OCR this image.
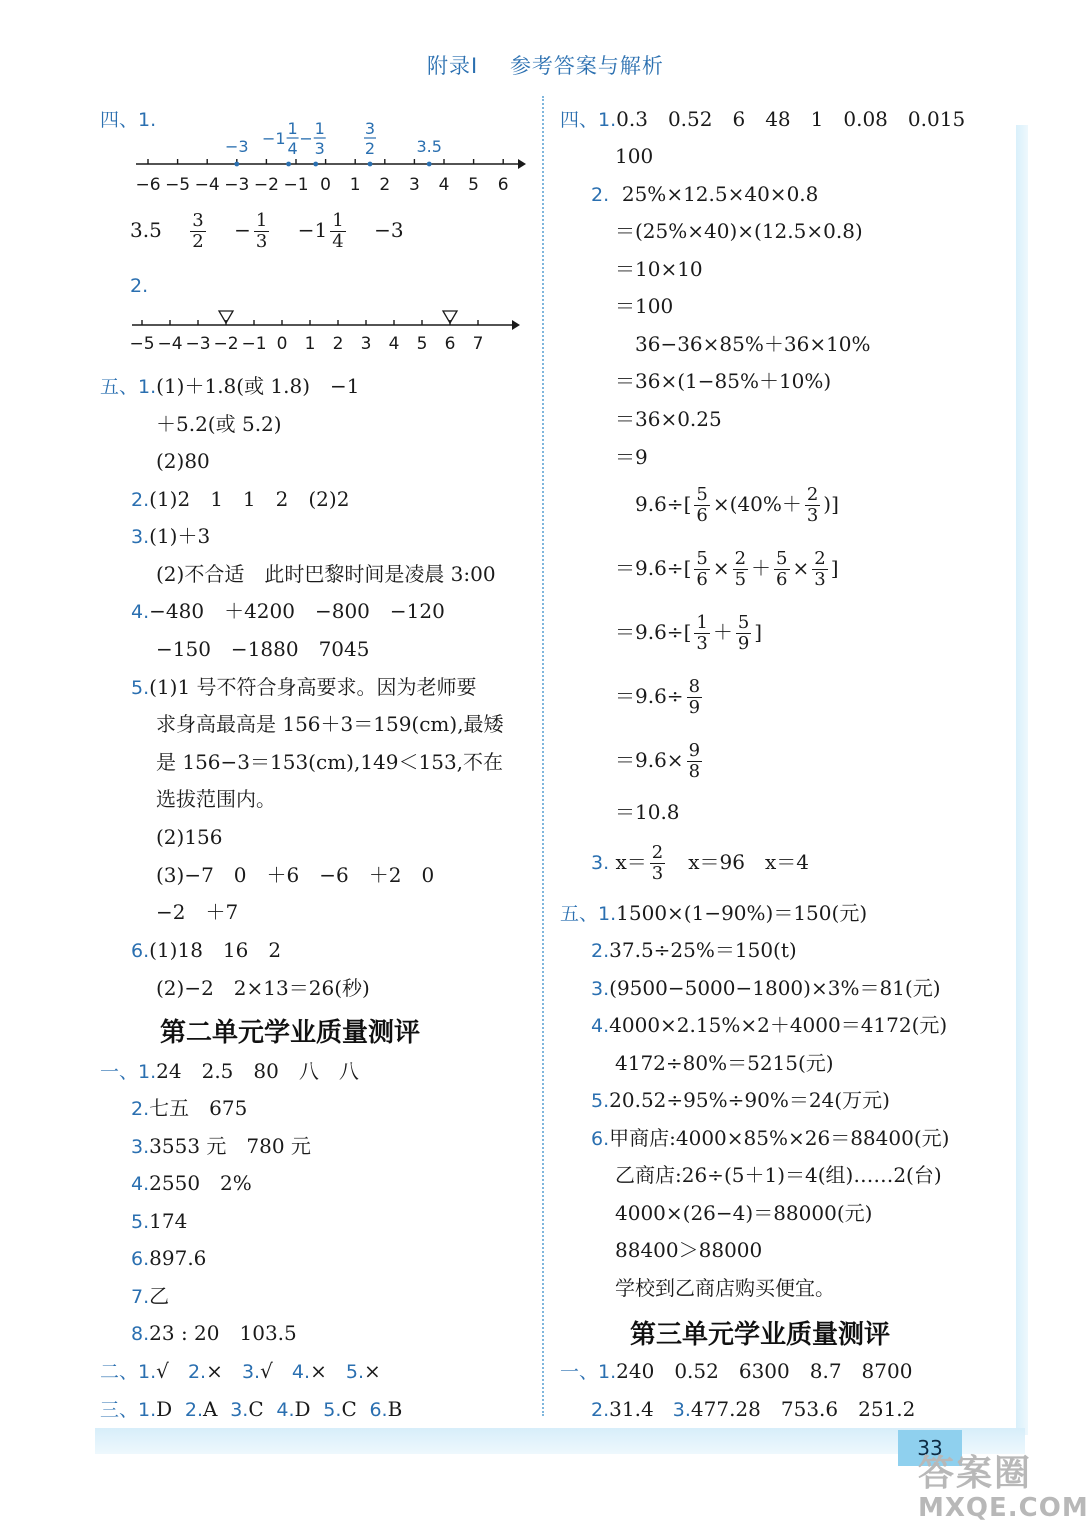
附录Ⅰ 参考答案与解析
四、1.
−6 −5 −4 −3 −2 −1 0 1 2 3 4 5 6
−3 −1
1
4
−
1
3
3
2	3.5
$3.5 \frac{3}{2} - \frac{1}{3} -1 \frac{1}{4} -3$
2.
−5 −4 −3 −2 −1 0 1 2 3 4 5 6 7
五、1.(1)＋1.8(或 1.8)　−1
＋5.2(或 5.2)
(2)80
2.(1)2　1　1　2　(2)2
3.(1)＋3
(2)不合适　此时巴黎时间是凌晨 3:00
4.−480　＋4200　−800　−120
−150　−1880　7045
5.(1)1 号不符合身高要求。因为老师要
求身高最高是 156＋3＝159(cm),最矮
是 156−3＝153(cm),149＜153,不在
选拔范围内。
(2)156
(3)−7　0　＋6　−6　＋2　0
−2　＋7
6.(1)18　16　2
(2)−2　2×13＝26(秒)
第二单元学业质量测评
一、1.24　2.5　80　八　八
2.七五　675
3.3553 元　780 元
4.2550　2%
5.174
6.897.6
7.乙
8.23 : 20　103.5
二、1.√ 2.× 3.√ 4.× 5.×
三、1.D 2.A 3.C 4.D 5.C 6.B
四、1.0.3　0.52　6　48　1　0.08　0.015
100
2. 25%×12.5×40×0.8
＝(25%×40)×(12.5×0.8)
＝10×10
＝100
36−36×85%＋36×10%
＝36×(1−85%＋10%)
＝36×0.25
＝9
$9.6\div[ \frac{5}{6} \times(40\%+ \frac{2}{3}$ )]
$=9.6\div[ \frac{5}{6} \times \frac{2}{5} + \frac{5}{6} \times \frac{2}{3}$ ]
$=9.6\div[ \frac{1}{3} + \frac{5}{9}$ ]
$=9.6\div \frac{8}{9}$
$=9.6\times \frac{9}{8}$
＝10.8
3. $x= \frac{2}{3}$ 　x＝96　x＝4
五、1.1500×(1−90%)＝150(元)
2.37.5÷25%＝150(t)
3.(9500−5000−1800)×3%＝81(元)
4.4000×2.15%×2＋4000＝4172(元)
4172÷80%＝5215(元)
5.20.52÷95%÷90%＝24(万元)
6.甲商店:4000×85%×26＝88400(元)
乙商店:26÷(5＋1)＝4(组)……2(台)
4000×(26−4)＝88000(元)
88400＞88000
学校到乙商店购买便宜。
第三单元学业质量测评
一、1.240　0.52　6300　8.7　8700
2.31.4 3.477.28　753.6　251.2
33
答案圈
MXQE.COM
